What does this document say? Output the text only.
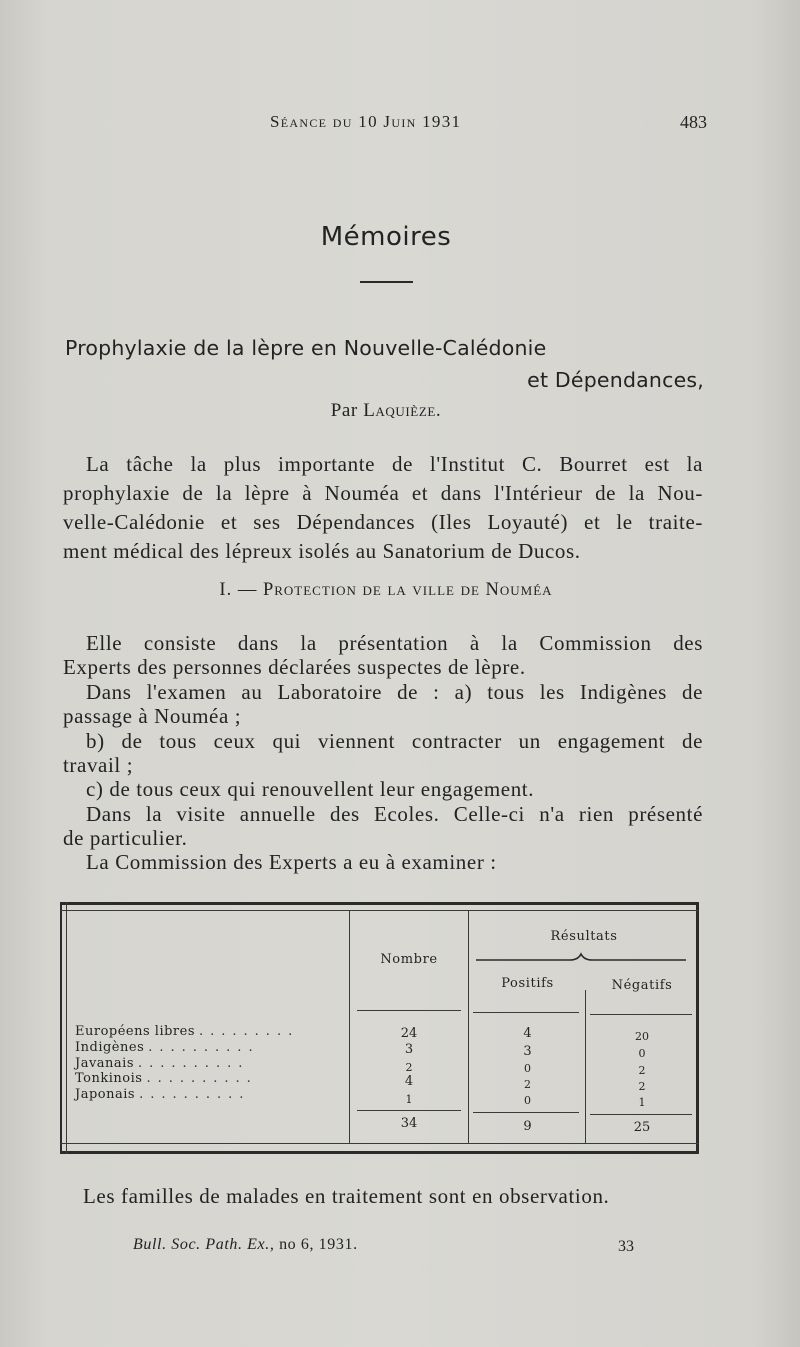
Séance du 10 Juin 1931	483
Mémoires
Prophylaxie de la lèpre en Nouvelle-Calédonie
et Dépendances,
Par Laquièze.
La tâche la plus importante de l'Institut C. Bourret est la
prophylaxie de la lèpre à Nouméa et dans l'Intérieur de la Nou-
velle-Calédonie et ses Dépendances (Iles Loyauté) et le traite-
ment médical des lépreux isolés au Sanatorium de Ducos.
I. — Protection de la ville de Nouméa
Elle consiste dans la présentation à la Commission des
Experts des personnes déclarées suspectes de lèpre.
Dans l'examen au Laboratoire de : a) tous les Indigènes de
passage à Nouméa ;
b) de tous ceux qui viennent contracter un engagement de
travail ;
c) de tous ceux qui renouvellent leur engagement.
Dans la visite annuelle des Ecoles. Celle-ci n'a rien présenté
de particulier.
La Commission des Experts a eu à examiner :
Nombre
Résultats
Positifs	Négatifs
Européens libres .........	24	4	20
Indigènes ..........	3	3	0
Javanais ..........	2	0	2
Tonkinois ..........	4	2	2
Japonais ..........	1	0	1
34	9	25
Les familles de malades en traitement sont en observation.
Bull. Soc. Path. Ex., no 6, 1931.	33
